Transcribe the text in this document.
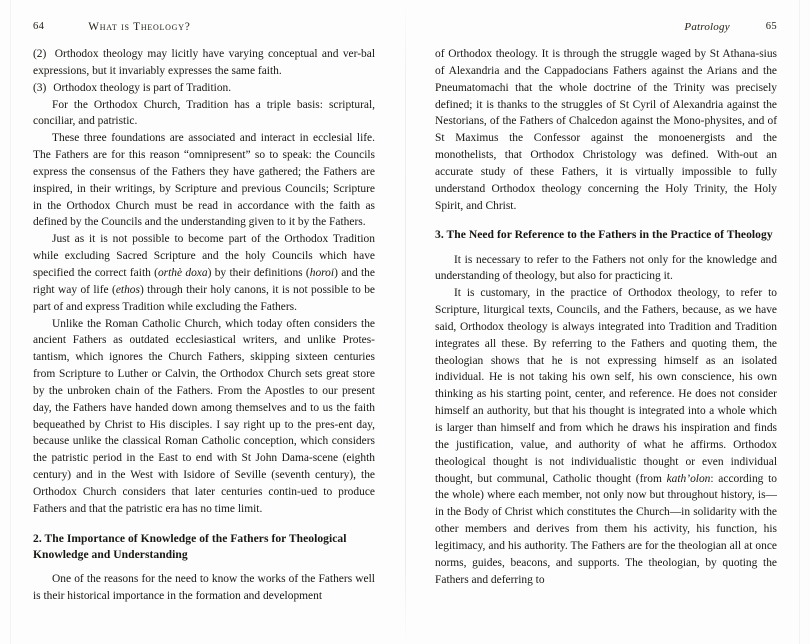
64	What is Theology?

(2) Orthodox theology may licitly have varying conceptual and ver-bal expressions, but it invariably expresses the same faith.

(3) Orthodox theology is part of Tradition.

For the Orthodox Church, Tradition has a triple basis: scriptural, conciliar, and patristic.

These three foundations are associated and interact in ecclesial life. The Fathers are for this reason “omnipresent” so to speak: the Councils express the consensus of the Fathers they have gathered; the Fathers are inspired, in their writings, by Scripture and previous Councils; Scripture in the Orthodox Church must be read in accordance with the faith as defined by the Councils and the understanding given to it by the Fathers.

Just as it is not possible to become part of the Orthodox Tradition while excluding Sacred Scripture and the holy Councils which have specified the correct faith (orthè doxa) by their definitions (horoi) and the right way of life (ethos) through their holy canons, it is not possible to be part of and express Tradition while excluding the Fathers.

Unlike the Roman Catholic Church, which today often considers the ancient Fathers as outdated ecclesiastical writers, and unlike Protes-tantism, which ignores the Church Fathers, skipping sixteen centuries from Scripture to Luther or Calvin, the Orthodox Church sets great store by the unbroken chain of the Fathers. From the Apostles to our present day, the Fathers have handed down among themselves and to us the faith bequeathed by Christ to His disciples. I say right up to the pres-ent day, because unlike the classical Roman Catholic conception, which considers the patristic period in the East to end with St John Dama-scene (eighth century) and in the West with Isidore of Seville (seventh century), the Orthodox Church considers that later centuries contin-ued to produce Fathers and that the patristic era has no time limit.

2. The Importance of Knowledge of the Fathers for Theological Knowledge and Understanding

One of the reasons for the need to know the works of the Fathers well is their historical importance in the formation and development

Patrology	65

of Orthodox theology. It is through the struggle waged by St Athana-sius of Alexandria and the Cappadocians Fathers against the Arians and the Pneumatomachi that the whole doctrine of the Trinity was precisely defined; it is thanks to the struggles of St Cyril of Alexandria against the Nestorians, of the Fathers of Chalcedon against the Mono-physites, and of St Maximus the Confessor against the monoenergists and the monothelists, that Orthodox Christology was defined. With-out an accurate study of these Fathers, it is virtually impossible to fully understand Orthodox theology concerning the Holy Trinity, the Holy Spirit, and Christ.

3. The Need for Reference to the Fathers in the Practice of Theology

It is necessary to refer to the Fathers not only for the knowledge and understanding of theology, but also for practicing it.

It is customary, in the practice of Orthodox theology, to refer to Scripture, liturgical texts, Councils, and the Fathers, because, as we have said, Orthodox theology is always integrated into Tradition and Tradition integrates all these. By referring to the Fathers and quoting them, the theologian shows that he is not expressing himself as an isolated individual. He is not taking his own self, his own conscience, his own thinking as his starting point, center, and reference. He does not consider himself an authority, but that his thought is integrated into a whole which is larger than himself and from which he draws his inspiration and finds the justification, value, and authority of what he affirms. Orthodox theological thought is not individualistic thought or even individual thought, but communal, Catholic thought (from kath’olon: according to the whole) where each member, not only now but throughout history, is—in the Body of Christ which constitutes the Church—in solidarity with the other members and derives from them his activity, his function, his legitimacy, and his authority. The Fathers are for the theologian all at once norms, guides, beacons, and supports. The theologian, by quoting the Fathers and deferring to
